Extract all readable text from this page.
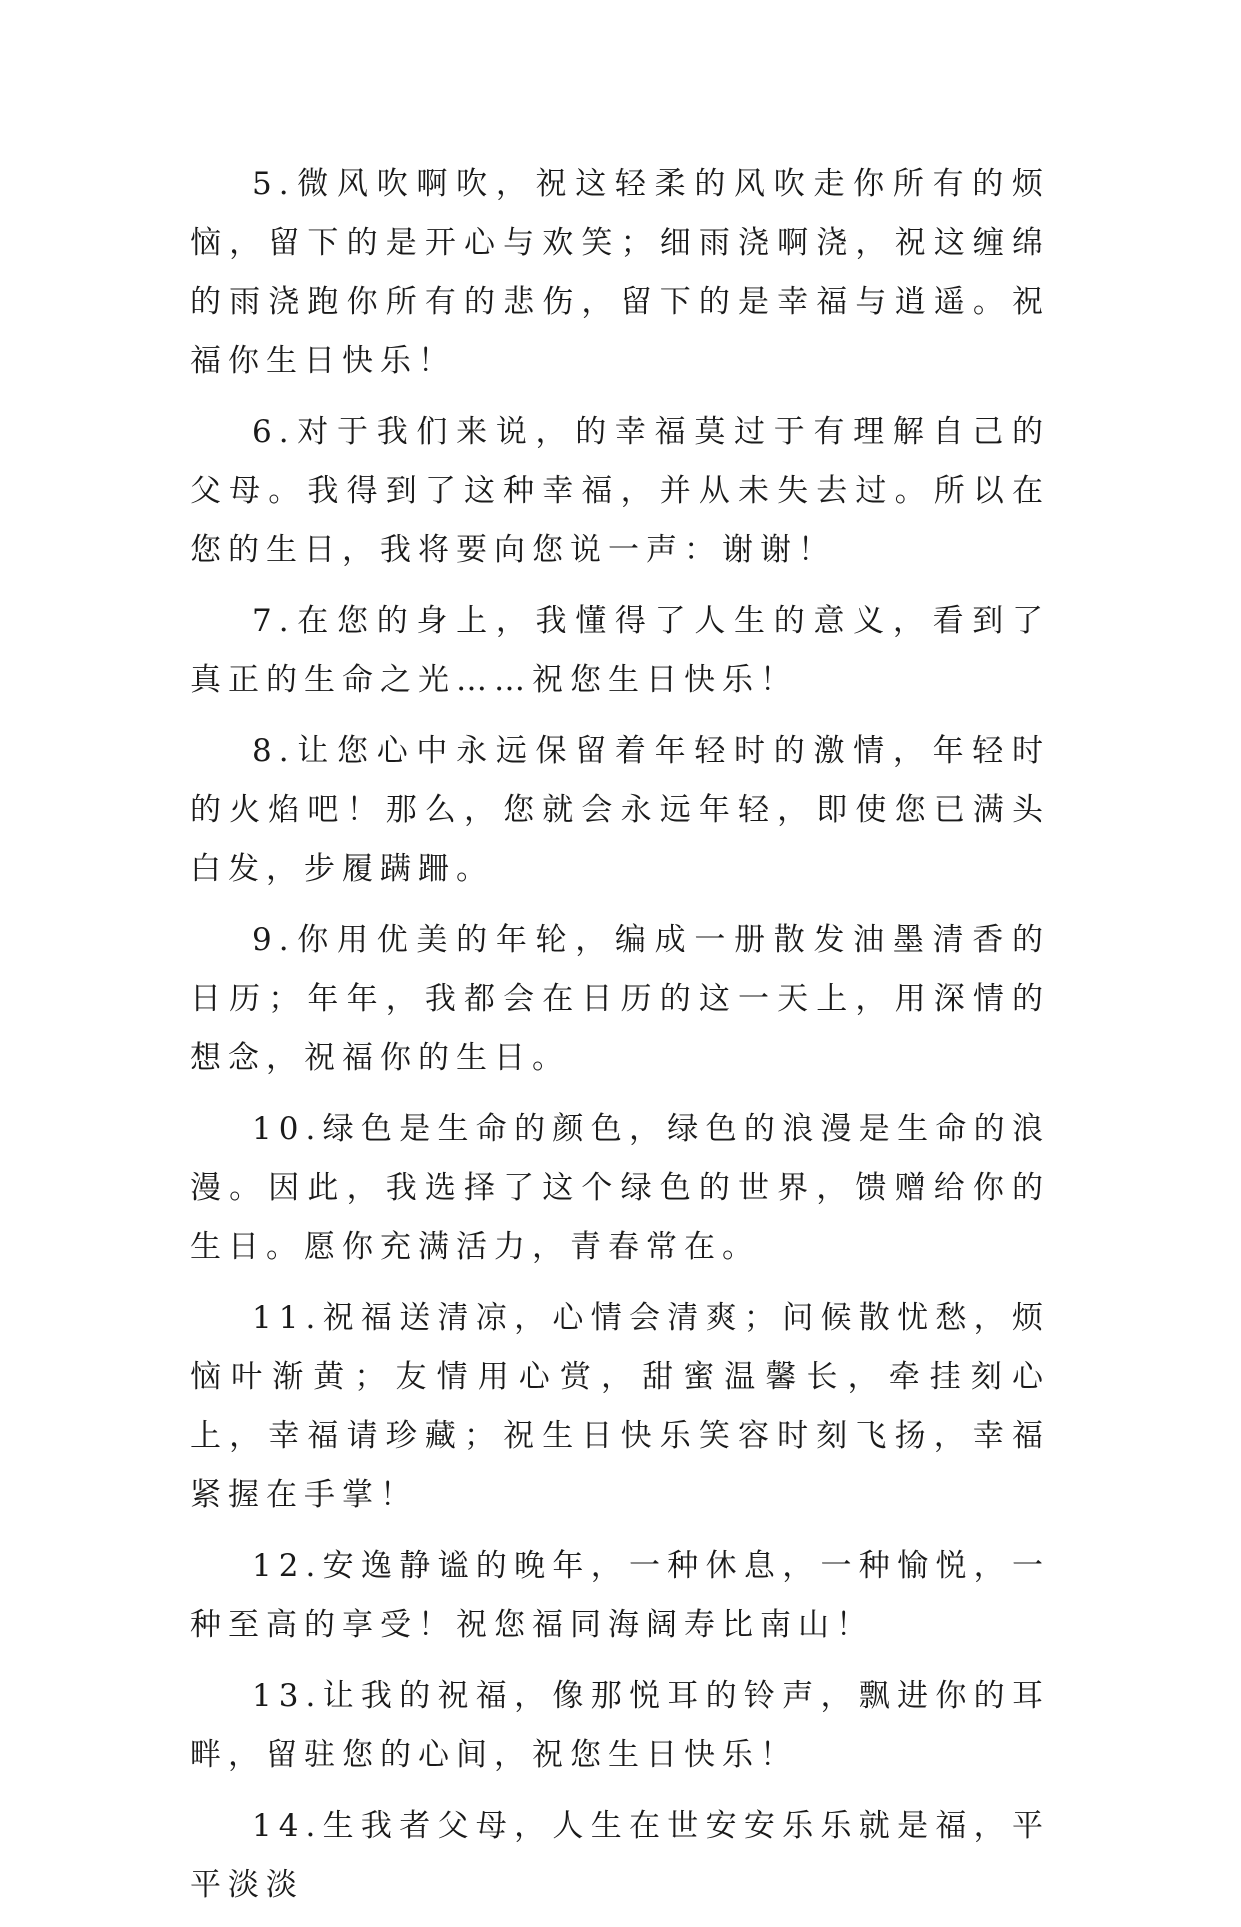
5.微风吹啊吹，祝这轻柔的风吹走你所有的烦恼，留下的是开心与欢笑；细雨浇啊浇，祝这缠绵的雨浇跑你所有的悲伤，留下的是幸福与逍遥。祝福你生日快乐！

6.对于我们来说，的幸福莫过于有理解自己的父母。我得到了这种幸福，并从未失去过。所以在您的生日，我将要向您说一声：谢谢！

7.在您的身上，我懂得了人生的意义，看到了真正的生命之光……祝您生日快乐！

8.让您心中永远保留着年轻时的激情，年轻时的火焰吧！那么，您就会永远年轻，即使您已满头白发，步履蹒跚。

9.你用优美的年轮，编成一册散发油墨清香的日历；年年，我都会在日历的这一天上，用深情的想念，祝福你的生日。

10.绿色是生命的颜色，绿色的浪漫是生命的浪漫。因此，我选择了这个绿色的世界，馈赠给你的生日。愿你充满活力，青春常在。

11.祝福送清凉，心情会清爽；问候散忧愁，烦恼叶渐黄；友情用心赏，甜蜜温馨长，牵挂刻心上，幸福请珍藏；祝生日快乐笑容时刻飞扬，幸福紧握在手掌！

12.安逸静谧的晚年，一种休息，一种愉悦，一种至高的享受！祝您福同海阔寿比南山！

13.让我的祝福，像那悦耳的铃声，飘进你的耳畔，留驻您的心间，祝您生日快乐！

14.生我者父母，人生在世安安乐乐就是福，平平淡淡
